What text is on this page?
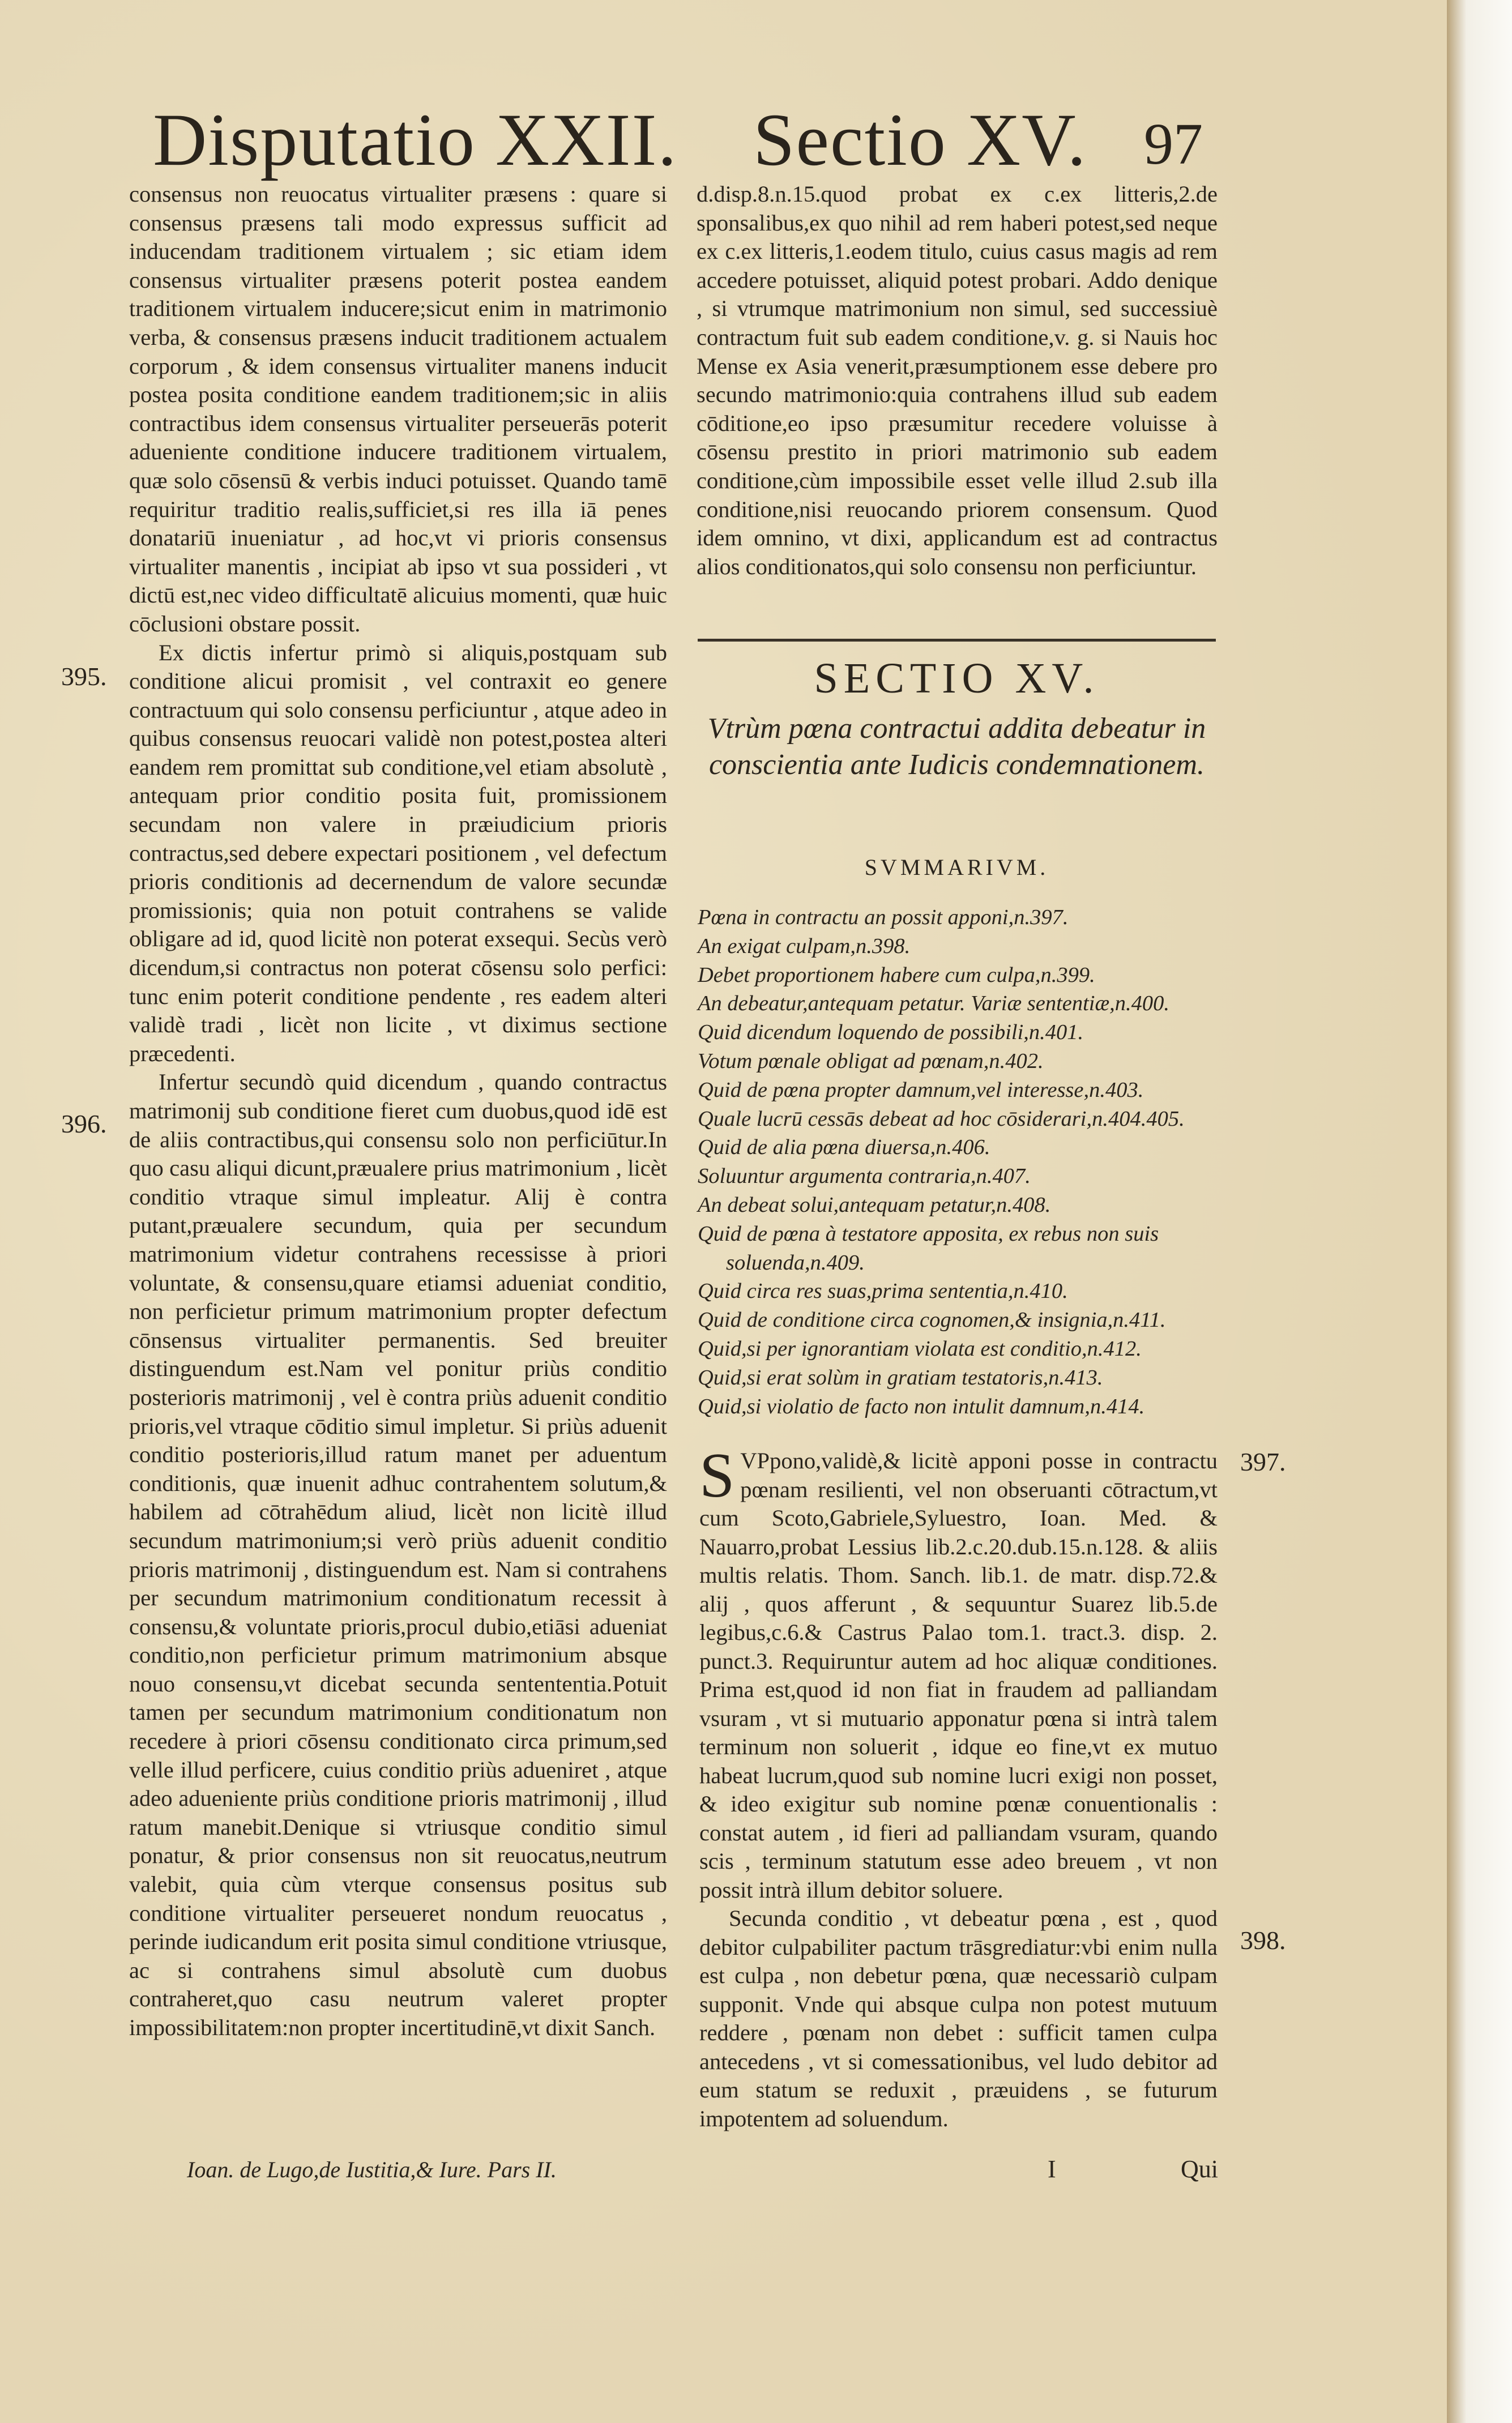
Disputatio XXII. Sectio XV. 97

consensus non reuocatus virtualiter præsens : quare si consensus præsens tali modo expressus sufficit ad inducendam traditionem virtualem ; sic etiam idem consensus virtualiter præsens poterit postea eandem traditionem virtualem inducere;sicut enim in matrimonio verba, & consensus præsens inducit traditionem actualem corporum , & idem consensus virtualiter manens inducit postea posita conditione eandem traditionem;sic in aliis contractibus idem consensus virtualiter perseuerās poterit adueniente conditione inducere traditionem virtualem, quæ solo cōsensū & verbis induci potuisset. Quando tamē requiritur traditio realis,sufficiet,si res illa iā penes donatariū inueniatur , ad hoc,vt vi prioris consensus virtualiter manentis , incipiat ab ipso vt sua possideri , vt dictū est,nec video difficultatē alicuius momenti, quæ huic cōclusioni obstare possit.

Ex dictis infertur primò si aliquis,postquam sub conditione alicui promisit , vel contraxit eo genere contractuum qui solo consensu perficiuntur , atque adeo in quibus consensus reuocari validè non potest,postea alteri eandem rem promittat sub conditione,vel etiam absolutè , antequam prior conditio posita fuit, promissionem secundam non valere in præiudicium prioris contractus,sed debere expectari positionem , vel defectum prioris conditionis ad decernendum de valore secundæ promissionis; quia non potuit contrahens se valide obligare ad id, quod licitè non poterat exsequi. Secùs verò dicendum,si contractus non poterat cōsensu solo perfici: tunc enim poterit conditione pendente , res eadem alteri validè tradi , licèt non licite , vt diximus sectione præcedenti.

Infertur secundò quid dicendum , quando contractus matrimonij sub conditione fieret cum duobus,quod idē est de aliis contractibus,qui consensu solo non perficiūtur.In quo casu aliqui dicunt,præualere prius matrimonium , licèt conditio vtraque simul impleatur. Alij è contra putant,præualere secundum, quia per secundum matrimonium videtur contrahens recessisse à priori voluntate, & consensu,quare etiamsi adueniat conditio, non perficietur primum matrimonium propter defectum cōnsensus virtualiter permanentis. Sed breuiter distinguendum est.Nam vel ponitur priùs conditio posterioris matrimonij , vel è contra priùs aduenit conditio prioris,vel vtraque cōditio simul impletur. Si priùs aduenit conditio posterioris,illud ratum manet per aduentum conditionis, quæ inuenit adhuc contrahentem solutum,& habilem ad cōtrahēdum aliud, licèt non licitè illud secundum matrimonium;si verò priùs aduenit conditio prioris matrimonij , distinguendum est. Nam si contrahens per secundum matrimonium conditionatum recessit à consensu,& voluntate prioris,procul dubio,etiāsi adueniat conditio,non perficietur primum matrimonium absque nouo consensu,vt dicebat secunda sentententia.Potuit tamen per secundum matrimonium conditionatum non recedere à priori cōsensu conditionato circa primum,sed velle illud perficere, cuius conditio priùs adueniret , atque adeo adueniente priùs conditione prioris matrimonij , illud ratum manebit.Denique si vtriusque conditio simul ponatur, & prior consensus non sit reuocatus,neutrum valebit, quia cùm vterque consensus positus sub conditione virtualiter perseueret nondum reuocatus , perinde iudicandum erit posita simul conditione vtriusque, ac si contrahens simul absolutè cum duobus contraheret,quo casu neutrum valeret propter impossibilitatem:non propter incertitudinē,vt dixit Sanch.

395.
396.

d.disp.8.n.15.quod probat ex c.ex litteris,2.de sponsalibus,ex quo nihil ad rem haberi potest,sed neque ex c.ex litteris,1.eodem titulo, cuius casus magis ad rem accedere potuisset, aliquid potest probari. Addo denique , si vtrumque matrimonium non simul, sed successiuè contractum fuit sub eadem conditione,v. g. si Nauis hoc Mense ex Asia venerit,præsumptionem esse debere pro secundo matrimonio:quia contrahens illud sub eadem cōditione,eo ipso præsumitur recedere voluisse à cōsensu prestito in priori matrimonio sub eadem conditione,cùm impossibile esset velle illud 2.sub illa conditione,nisi reuocando priorem consensum. Quod idem omnino, vt dixi, applicandum est ad contractus alios conditionatos,qui solo consensu non perficiuntur.

SECTIO XV.
Vtrùm pœna contractui addita debeatur in conscientia ante Iudicis condemnationem.
SVMMARIVM.
Pœna in contractu an possit apponi,n.397.
An exigat culpam,n.398.
Debet proportionem habere cum culpa,n.399.
An debeatur,antequam petatur. Variæ sententiæ,n.400.
Quid dicendum loquendo de possibili,n.401.
Votum pœnale obligat ad pœnam,n.402.
Quid de pœna propter damnum,vel interesse,n.403.
Quale lucrū cessās debeat ad hoc cōsiderari,n.404.405.
Quid de alia pœna diuersa,n.406.
Soluuntur argumenta contraria,n.407.
An debeat solui,antequam petatur,n.408.
Quid de pœna à testatore apposita, ex rebus non suis
soluenda,n.409.
Quid circa res suas,prima sententia,n.410.
Quid de conditione circa cognomen,& insignia,n.411.
Quid,si per ignorantiam violata est conditio,n.412.
Quid,si erat solùm in gratiam testatoris,n.413.
Quid,si violatio de facto non intulit damnum,n.414.

S VPpono,validè,& licitè apponi posse in contractu pœnam resilienti, vel non obseruanti cōtractum,vt cum Scoto,Gabriele,Syluestro, Ioan. Med. & Nauarro,probat Lessius lib.2.c.20.dub.15.n.128. & aliis multis relatis. Thom. Sanch. lib.1. de matr. disp.72.& alij , quos afferunt , & sequuntur Suarez lib.5.de legibus,c.6.& Castrus Palao tom.1. tract.3. disp. 2. punct.3. Requiruntur autem ad hoc aliquæ conditiones. Prima est,quod id non fiat in fraudem ad palliandam vsuram , vt si mutuario apponatur pœna si intrà talem terminum non soluerit , idque eo fine,vt ex mutuo habeat lucrum,quod sub nomine lucri exigi non posset, & ideo exigitur sub nomine pœnæ conuentionalis : constat autem , id fieri ad palliandam vsuram, quando scis , terminum statutum esse adeo breuem , vt non possit intrà illum debitor soluere.

Secunda conditio , vt debeatur pœna , est , quod debitor culpabiliter pactum trāsgrediatur:vbi enim nulla est culpa , non debetur pœna, quæ necessariò culpam supponit. Vnde qui absque culpa non potest mutuum reddere , pœnam non debet : sufficit tamen culpa antecedens , vt si comessationibus, vel ludo debitor ad eum statum se reduxit , præuidens , se futurum impotentem ad soluendum.

397.
398.
Ioan. de Lugo,de Iustitia,& Iure. Pars II.	I	Qui
